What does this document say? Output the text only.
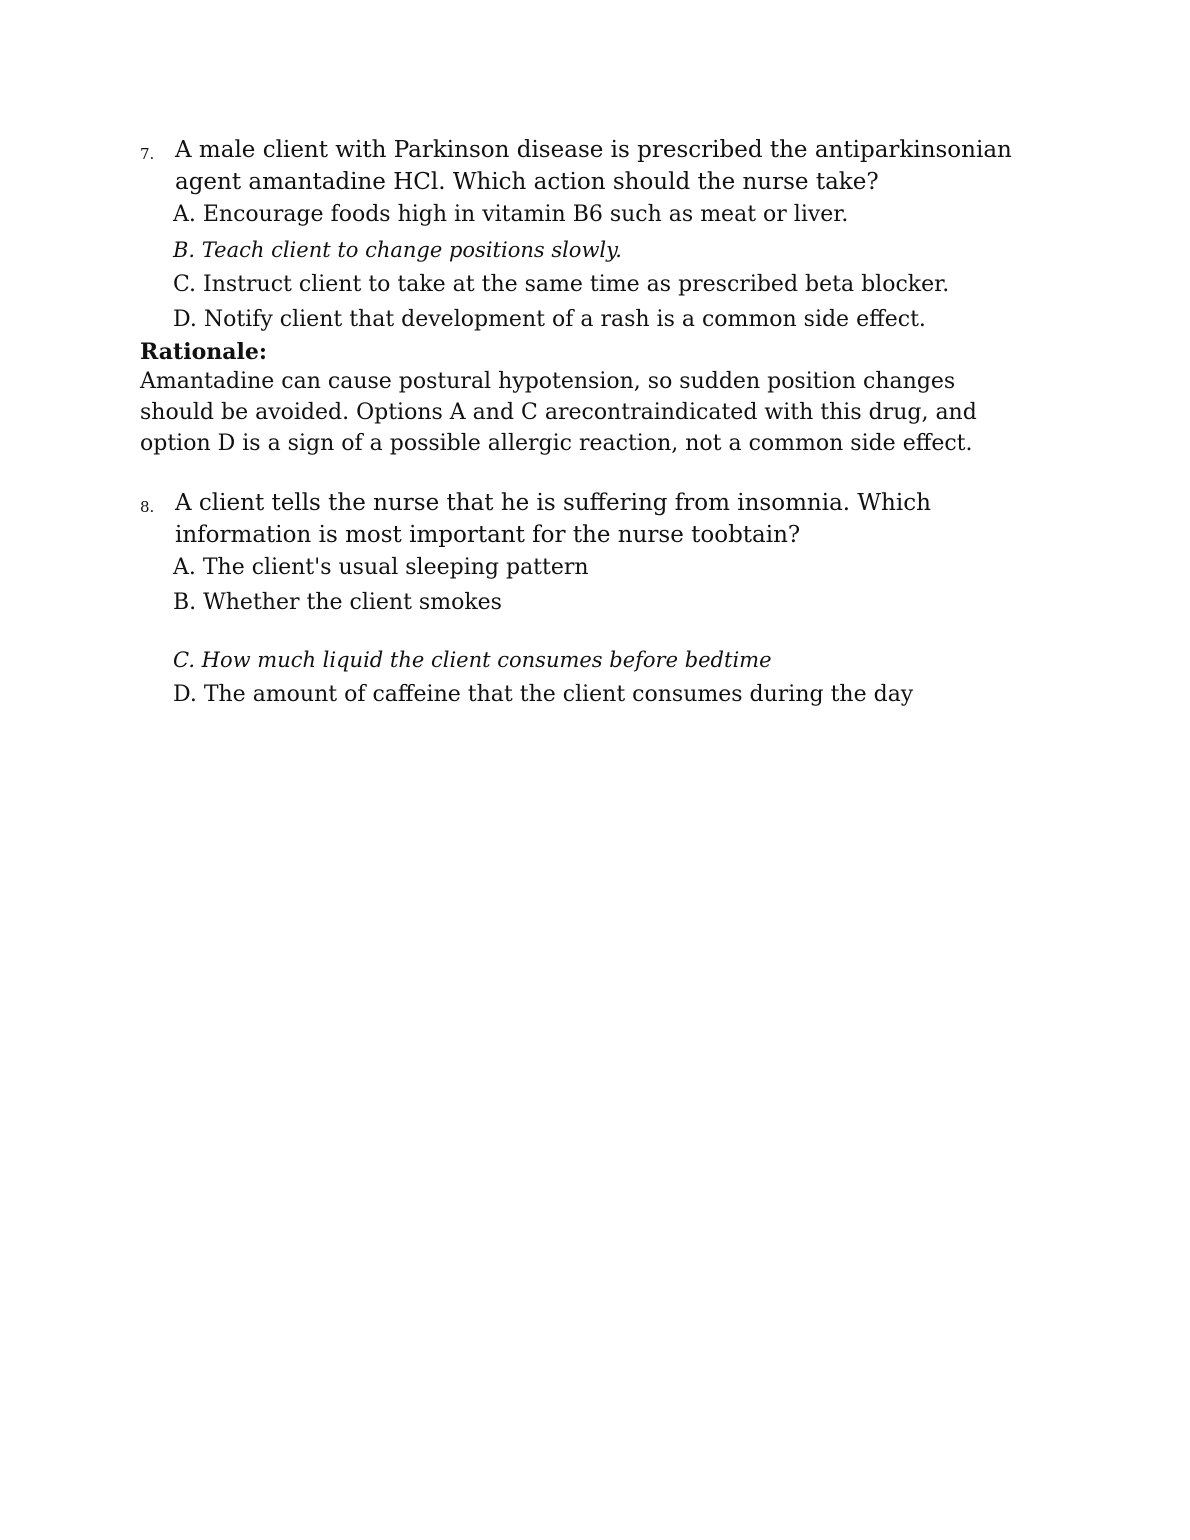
7. A male client with Parkinson disease is prescribed the antiparkinsonian agent amantadine HCl. Which action should the nurse take?
A. Encourage foods high in vitamin B6 such as meat or liver.
B. Teach client to change positions slowly.
C. Instruct client to take at the same time as prescribed beta blocker.
D. Notify client that development of a rash is a common side effect.
Rationale:
Amantadine can cause postural hypotension, so sudden position changes should be avoided. Options A and C arecontraindicated with this drug, and option D is a sign of a possible allergic reaction, not a common side effect.
8. A client tells the nurse that he is suffering from insomnia. Which information is most important for the nurse toobtain?
A. The client's usual sleeping pattern
B. Whether the client smokes
C. How much liquid the client consumes before bedtime
D. The amount of caffeine that the client consumes during the day
